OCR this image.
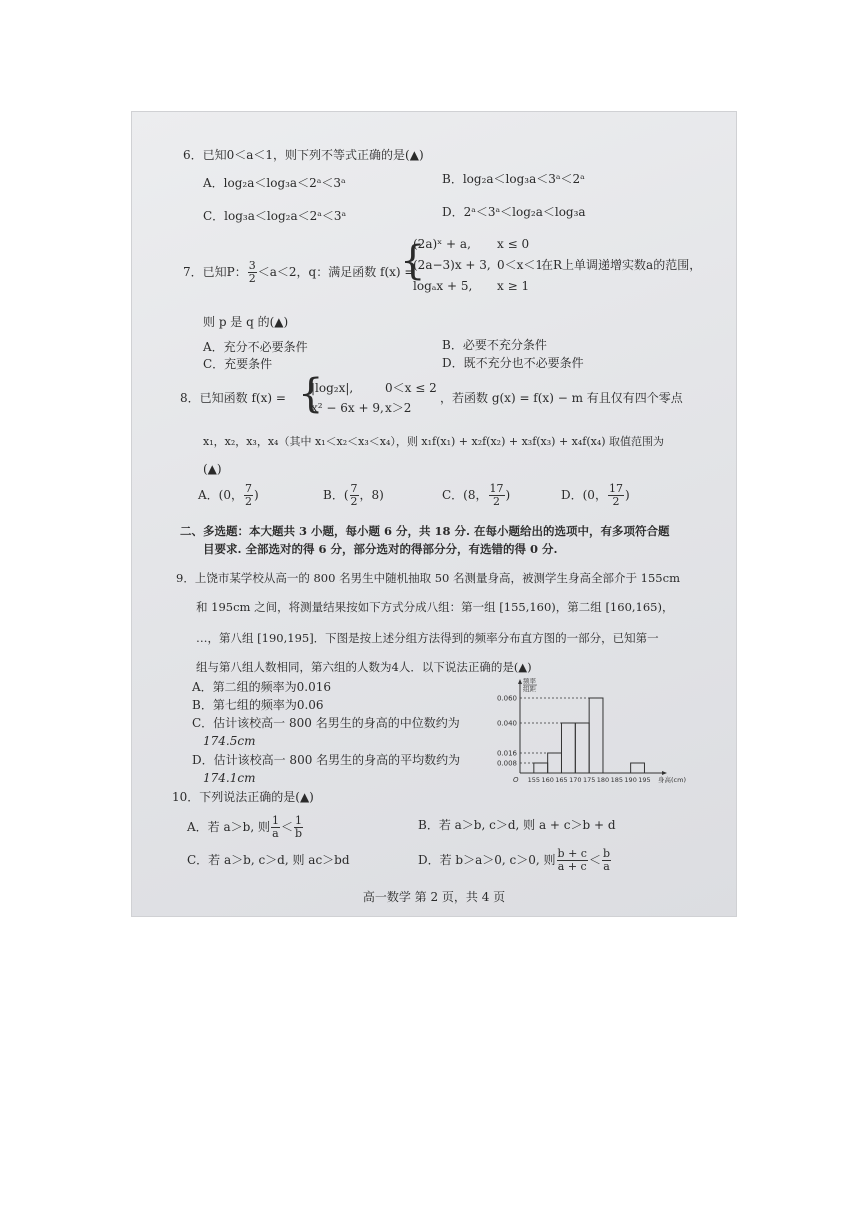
6．已知0＜a＜1，则下列不等式正确的是(▲)
A．log₂a＜log₃a＜2ᵃ＜3ᵃ	B．log₂a＜log₃a＜3ᵃ＜2ᵃ
C．log₃a＜log₂a＜2ᵃ＜3ᵃ	D．2ᵃ＜3ᵃ＜log₂a＜log₃a
7．已知P： $\frac{3}{2} <a<2$，q：满足函数 f(x) =
{
(2a)ˣ + a, x ≤ 0
(2a−3)x + 3, 0＜x＜1
logₐx + 5, x ≥ 1
在R上单调递增实数a的范围，
则 p 是 q 的(▲)
A．充分不必要条件	B．必要不充分条件
C．充要条件	D．既不充分也不必要条件
8．已知函数 f(x) = {
|log₂x|,	0＜x ≤ 2
x² − 6x + 9, x＞2
，若函数 g(x) = f(x) − m 有且仅有四个零点
x₁，x₂，x₃，x₄（其中 x₁＜x₂＜x₃＜x₄），则 x₁f(x₁) + x₂f(x₂) + x₃f(x₃) + x₄f(x₄) 取值范围为
(▲)
A．(0， $\frac{7}{2}$ )	B．( $\frac{7}{2}$ ，8)	C．(8， $\frac{17}{2}$ )	D．(0， $\frac{17}{2}$ )
二、多选题：本大题共 3 小题，每小题 6 分，共 18 分. 在每小题给出的选项中，有多项符合题
目要求. 全部选对的得 6 分，部分选对的得部分分，有选错的得 0 分.
9．上饶市某学校从高一的 800 名男生中随机抽取 50 名测量身高，被测学生身高全部介于 155cm
和 195cm 之间，将测量结果按如下方式分成八组：第一组 [155,160)，第二组 [160,165)，
…，第八组 [190,195]．下图是按上述分组方法得到的频率分布直方图的一部分，已知第一
组与第八组人数相同，第六组的人数为4人．以下说法正确的是(▲)
A．第二组的频率为0.016
B．第七组的频率为0.06
C．估计该校高一 800 名男生的身高的中位数约为
174.5cm
D．估计该校高一 800 名男生的身高的平均数约为
174.1cm
0.060
0.040
0.016
0.008
155 160 165 170 175 180 185 190 195
O	身高(cm)
频率
组距
10．下列说法正确的是(▲)
A．若 a＞b, 则 $\frac{1}{a} < \frac{1}{b}$	B．若 a＞b, c＞d, 则 a + c＞b + d
C．若 a＞b, c＞d, 则 ac＞bd	D．若 b＞a＞0, c＞0, 则 $\frac{b + c}{a + c} < \frac{b}{a}$
高一数学 第 2 页，共 4 页
